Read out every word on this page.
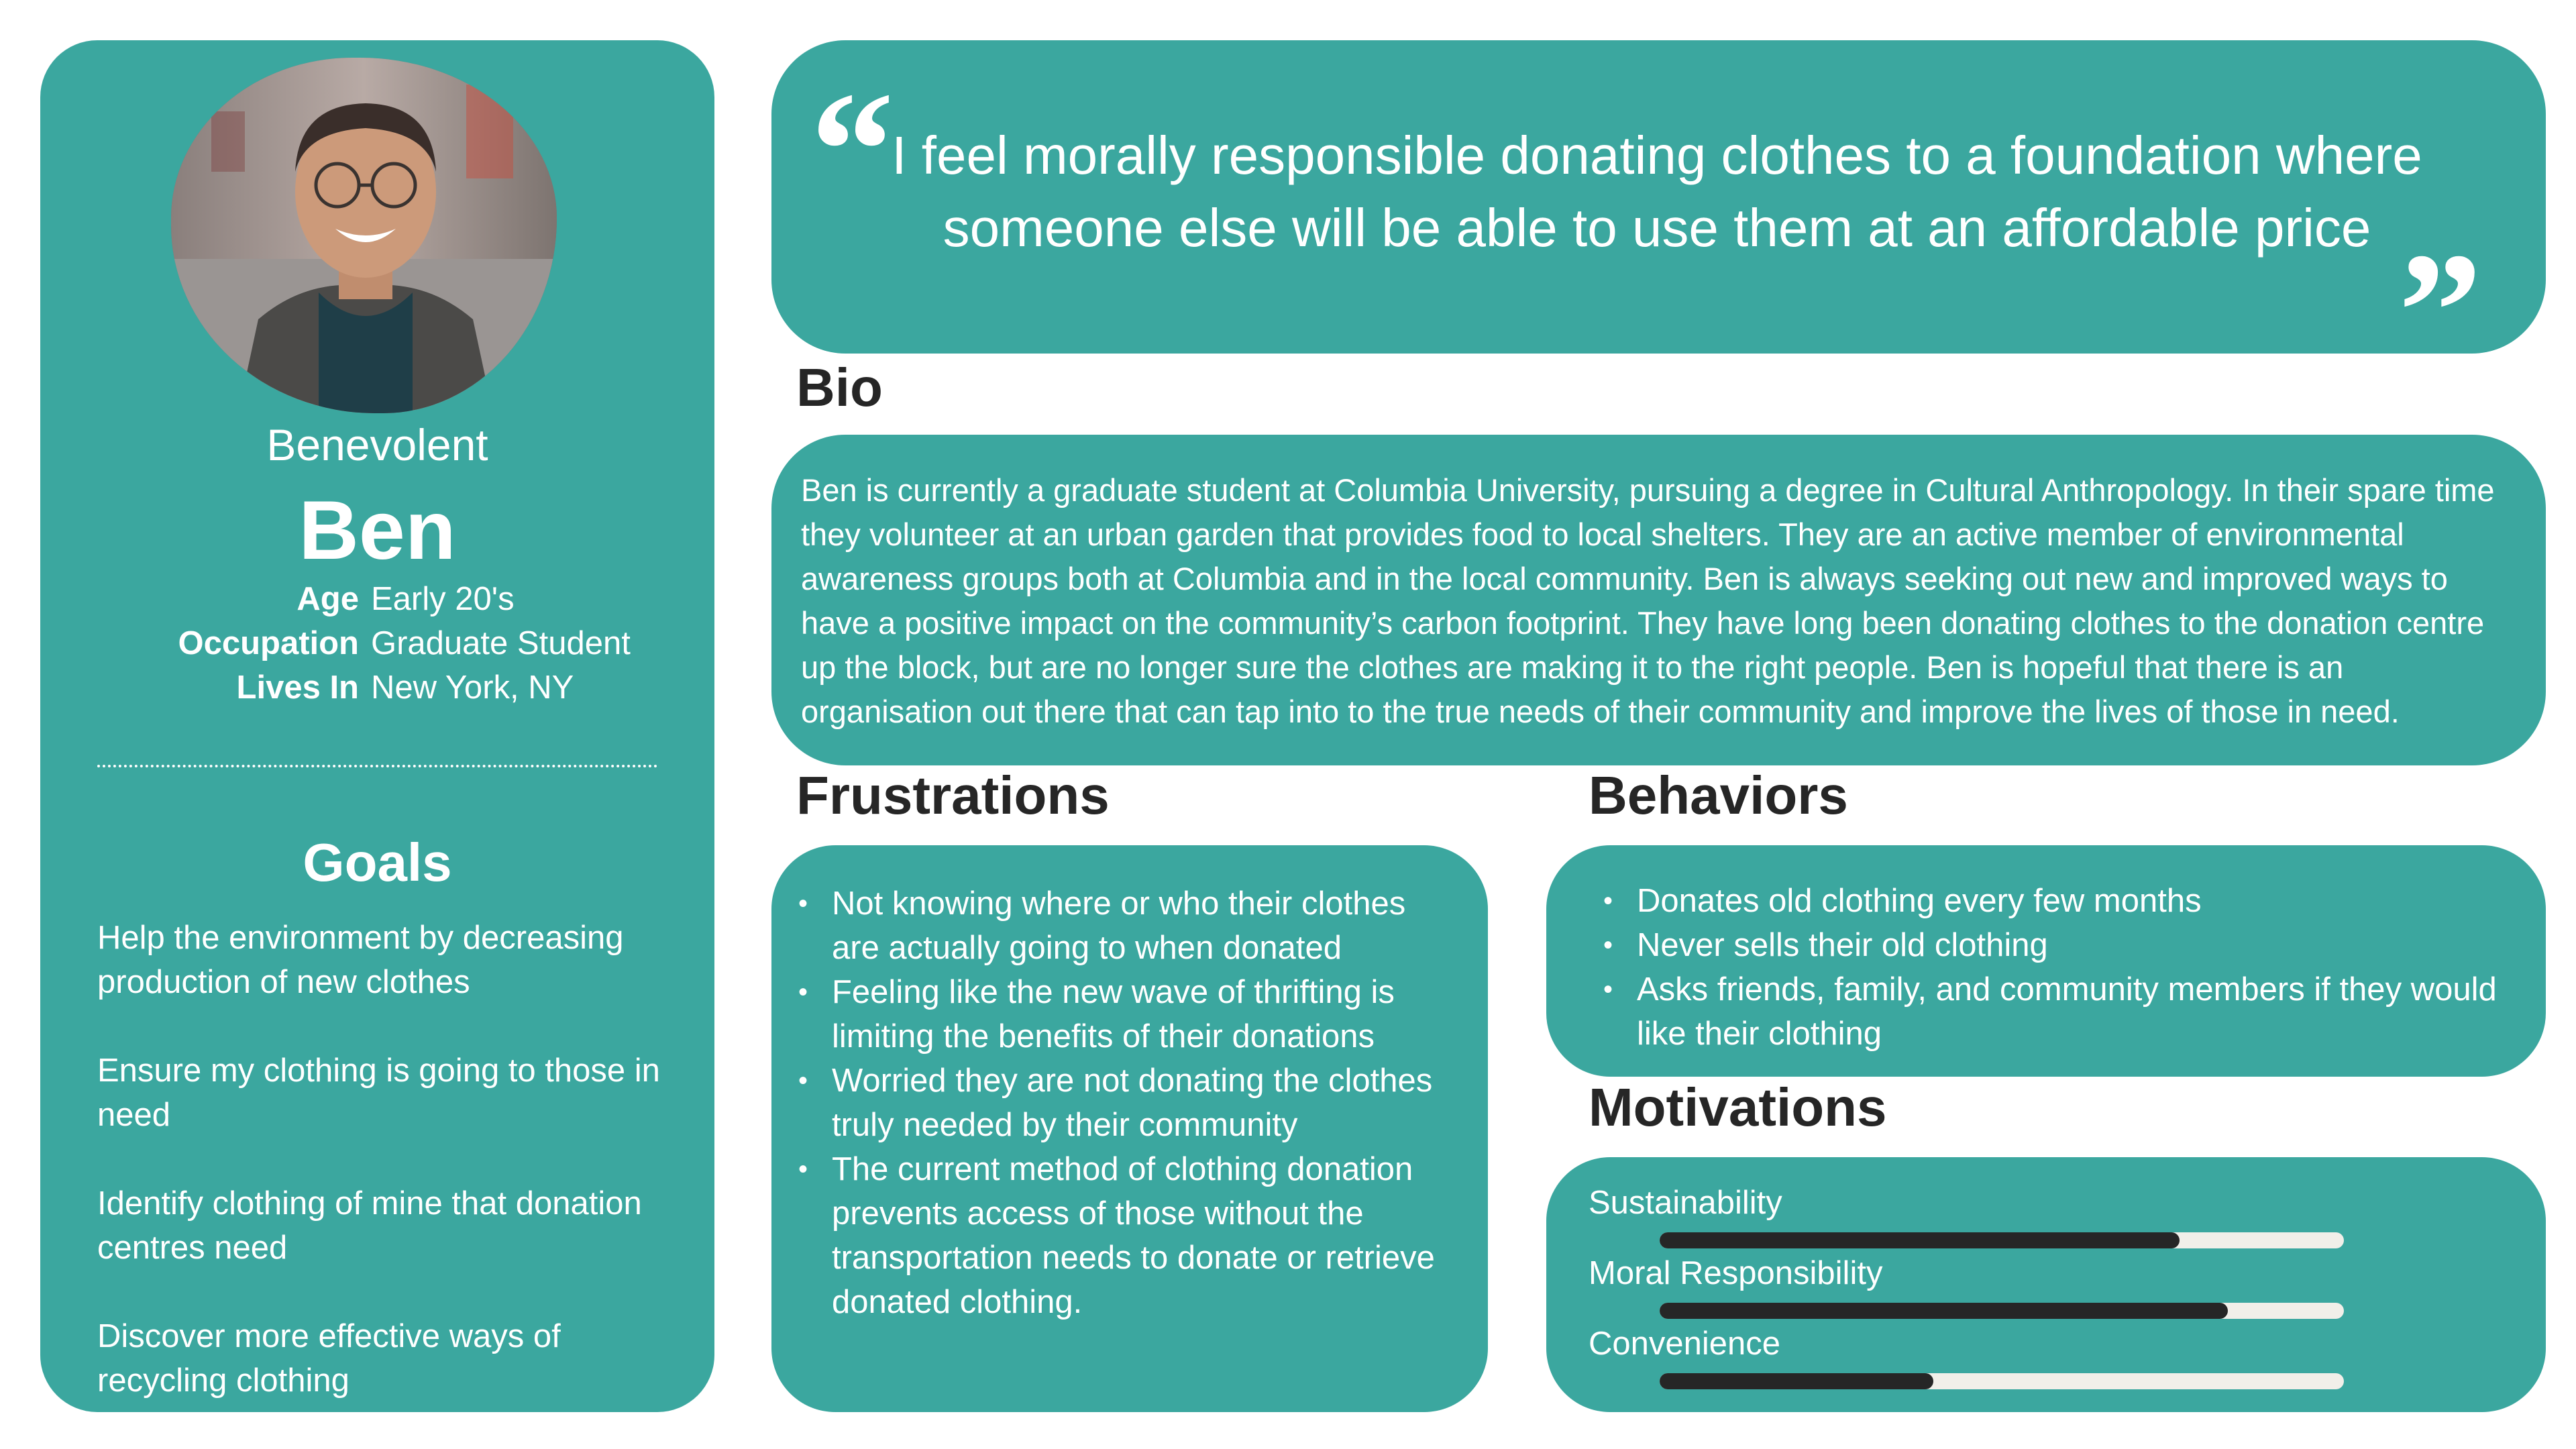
Benevolent
Ben
Age Early 20's
Occupation Graduate Student
Lives In New York, NY
Goals
Help the environment by decreasing production of new clothes
Ensure my clothing is going to those in need
Identify clothing of mine that donation centres need
Discover more effective ways of recycling clothing
“
I feel morally responsible donating clothes to a foundation where someone else will be able to use them at an affordable price ”
Bio
Ben is currently a graduate student at Columbia University, pursuing a degree in Cultural Anthropology. In their spare time they volunteer at an urban garden that provides food to local shelters. They are an active member of environmental awareness groups both at Columbia and in the local community. Ben is always seeking out new and improved ways to have a positive impact on the community’s carbon footprint. They have long been donating clothes to the donation centre up the block, but are no longer sure the clothes are making it to the right people. Ben is hopeful that there is an organisation out there that can tap into to the true needs of their community and improve the lives of those in need.
Frustrations
• Not knowing where or who their clothes are actually going to when donated
• Feeling like the new wave of thrifting is limiting the benefits of their donations
• Worried they are not donating the clothes truly needed by their community
• The current method of clothing donation prevents access of those without the transportation needs to donate or retrieve donated clothing.
Behaviors
• Donates old clothing every few months
• Never sells their old clothing
• Asks friends, family, and community members if they would like their clothing
Motivations
Sustainability
Moral Responsibility
Convenience
